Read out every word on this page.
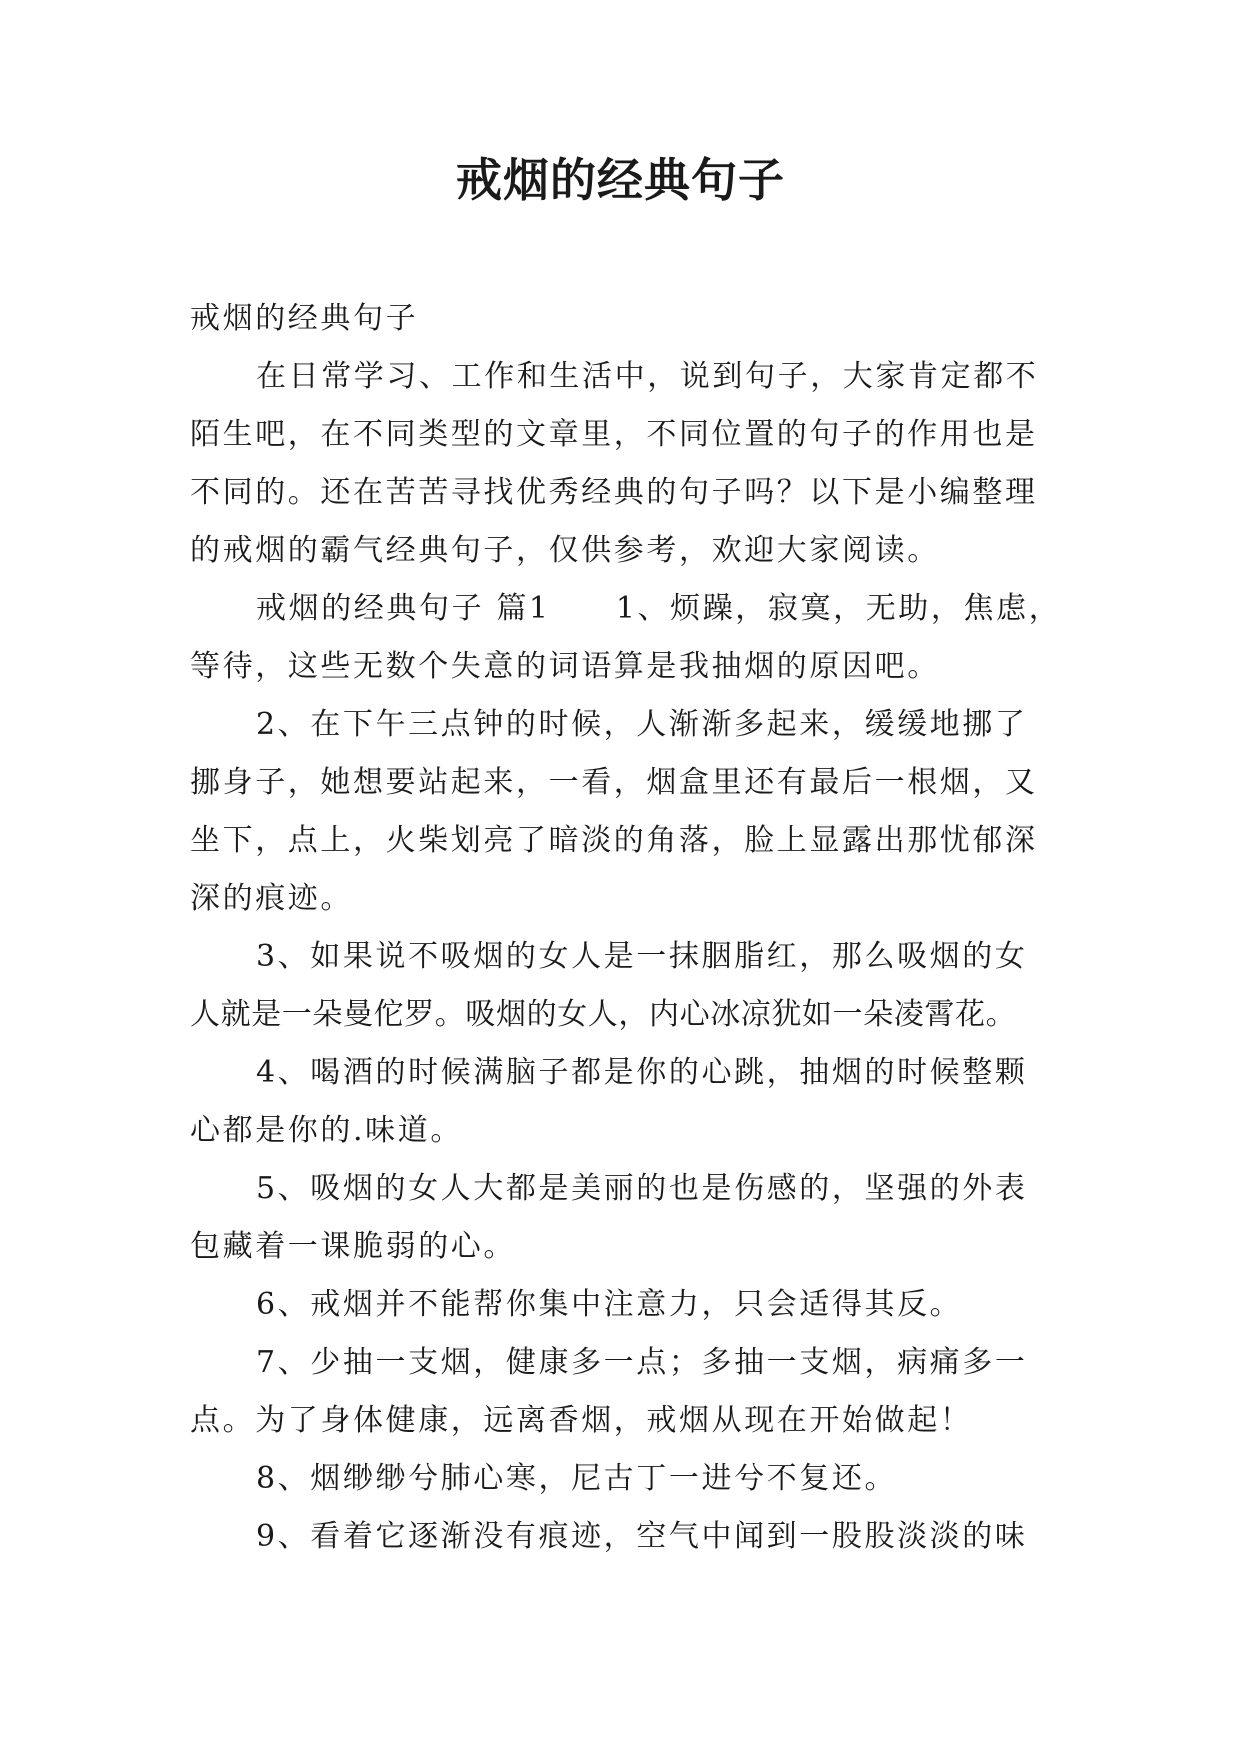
戒烟的经典句子
戒烟的经典句子
在日常学习、工作和生活中，说到句子，大家肯定都不
陌生吧，在不同类型的文章里，不同位置的句子的作用也是
不同的。还在苦苦寻找优秀经典的句子吗？以下是小编整理
的戒烟的霸气经典句子，仅供参考，欢迎大家阅读。
戒烟的经典句子 篇1　　1、烦躁，寂寞，无助，焦虑，
等待，这些无数个失意的词语算是我抽烟的原因吧。
2、在下午三点钟的时候，人渐渐多起来，缓缓地挪了
挪身子，她想要站起来，一看，烟盒里还有最后一根烟，又
坐下，点上，火柴划亮了暗淡的角落，脸上显露出那忧郁深
深的痕迹。
3、如果说不吸烟的女人是一抹胭脂红，那么吸烟的女
人就是一朵曼佗罗。吸烟的女人，内心冰凉犹如一朵凌霄花。
4、喝酒的时候满脑子都是你的心跳，抽烟的时候整颗
心都是你的.味道。
5、吸烟的女人大都是美丽的也是伤感的，坚强的外表
包藏着一课脆弱的心。
6、戒烟并不能帮你集中注意力，只会适得其反。
7、少抽一支烟，健康多一点；多抽一支烟，病痛多一
点。为了身体健康，远离香烟，戒烟从现在开始做起！
8、烟缈缈兮肺心寒，尼古丁一进兮不复还。
9、看着它逐渐没有痕迹，空气中闻到一股股淡淡的味
